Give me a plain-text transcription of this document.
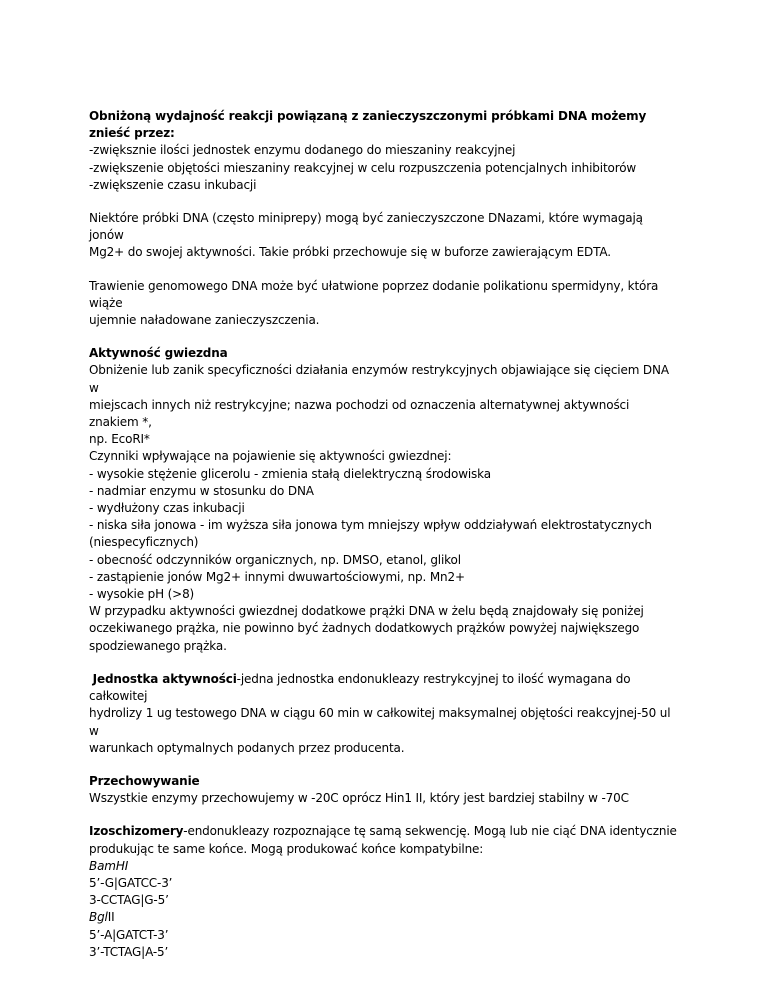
Obniżoną wydajność reakcji powiązaną z zanieczyszczonymi próbkami DNA możemy znieść przez:

-zwiększnie ilości jednostek enzymu dodanego do mieszaniny reakcyjnej

-zwiększenie objętości mieszaniny reakcyjnej w celu rozpuszczenia potencjalnych inhibitorów

-zwiększenie czasu inkubacji

Niektóre próbki DNA (często miniprepy) mogą być zanieczyszczone DNazami, które wymagają jonów
Mg2+ do swojej aktywności. Takie próbki przechowuje się w buforze zawierającym EDTA.

Trawienie genomowego DNA może być ułatwione poprzez dodanie polikationu spermidyny, która wiąże
ujemnie naładowane zanieczyszczenia.

Aktywność gwiezdna

Obniżenie lub zanik specyficzności działania enzymów restrykcyjnych objawiające się cięciem DNA w

miejscach innych niż restrykcyjne; nazwa pochodzi od oznaczenia alternatywnej aktywności znakiem *,

np. EcoRI*

Czynniki wpływające na pojawienie się aktywności gwiezdnej:

- wysokie stężenie glicerolu - zmienia stałą dielektryczną środowiska

- nadmiar enzymu w stosunku do DNA

- wydłużony czas inkubacji

- niska siła jonowa - im wyższa siła jonowa tym mniejszy wpływ oddziaływań elektrostatycznych

(niespecyficznych)

- obecność odczynników organicznych, np. DMSO, etanol, glikol

- zastąpienie jonów Mg2+ innymi dwuwartościowymi, np. Mn2+

- wysokie pH (>8)

W przypadku aktywności gwiezdnej dodatkowe prążki DNA w żelu będą znajdowały się poniżej

oczekiwanego prążka, nie powinno być żadnych dodatkowych prążków powyżej największego

spodziewanego prążka.

Jednostka aktywności-jedna jednostka endonukleazy restrykcyjnej to ilość wymagana do całkowitej
hydrolizy 1 ug testowego DNA w ciągu 60 min w całkowitej maksymalnej objętości reakcyjnej-50 ul w
warunkach optymalnych podanych przez producenta.

Przechowywanie

Wszystkie enzymy przechowujemy w -20C oprócz Hin1 II, który jest bardziej stabilny w -70C

Izoschizomery-endonukleazy rozpoznające tę samą sekwencję. Mogą lub nie ciąć DNA identycznie
produkując te same końce. Mogą produkować końce kompatybilne:

BamHI

5’-G|GATCC-3’

3-CCTAG|G-5’

BglII

5’-A|GATCT-3’

3’-TCTAG|A-5’
